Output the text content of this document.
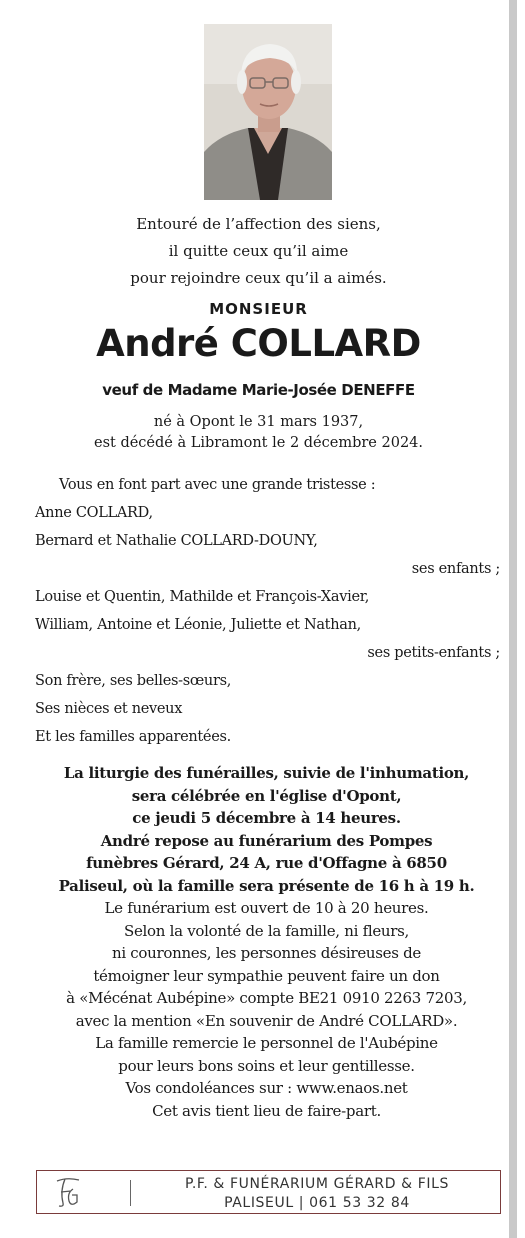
Entouré de l’affection des siens,
il quitte ceux qu’il aime
pour rejoindre ceux qu’il a aimés.
MONSIEUR
André COLLARD
veuf de Madame Marie-Josée DENEFFE
né à Opont le 31 mars 1937,
est décédé à Libramont le 2 décembre 2024.
Vous en font part avec une grande tristesse :
Anne COLLARD,
Bernard et Nathalie COLLARD-DOUNY,
ses enfants ;
Louise et Quentin, Mathilde et François-Xavier,
William, Antoine et Léonie, Juliette et Nathan,
ses petits-enfants ;
Son frère, ses belles-sœurs,
Ses nièces et neveux
Et les familles apparentées.
La liturgie des funérailles, suivie de l'inhumation,
sera célébrée en l'église d'Opont,
ce jeudi 5 décembre à 14 heures.
André repose au funérarium des Pompes
funèbres Gérard, 24 A, rue d'Offagne à 6850
Paliseul, où la famille sera présente de 16 h à 19 h.
Le funérarium est ouvert de 10 à 20 heures.
Selon la volonté de la famille, ni fleurs,
ni couronnes, les personnes désireuses de
témoigner leur sympathie peuvent faire un don
à «Mécénat Aubépine» compte BE21 0910 2263 7203,
avec la mention «En souvenir de André COLLARD».
La famille remercie le personnel de l'Aubépine
pour leurs bons soins et leur gentillesse.
Vos condoléances sur : www.enaos.net
Cet avis tient lieu de faire-part.
P.F. & FUNÉRARIUM GÉRARD & FILS
PALISEUL | 061 53 32 84
